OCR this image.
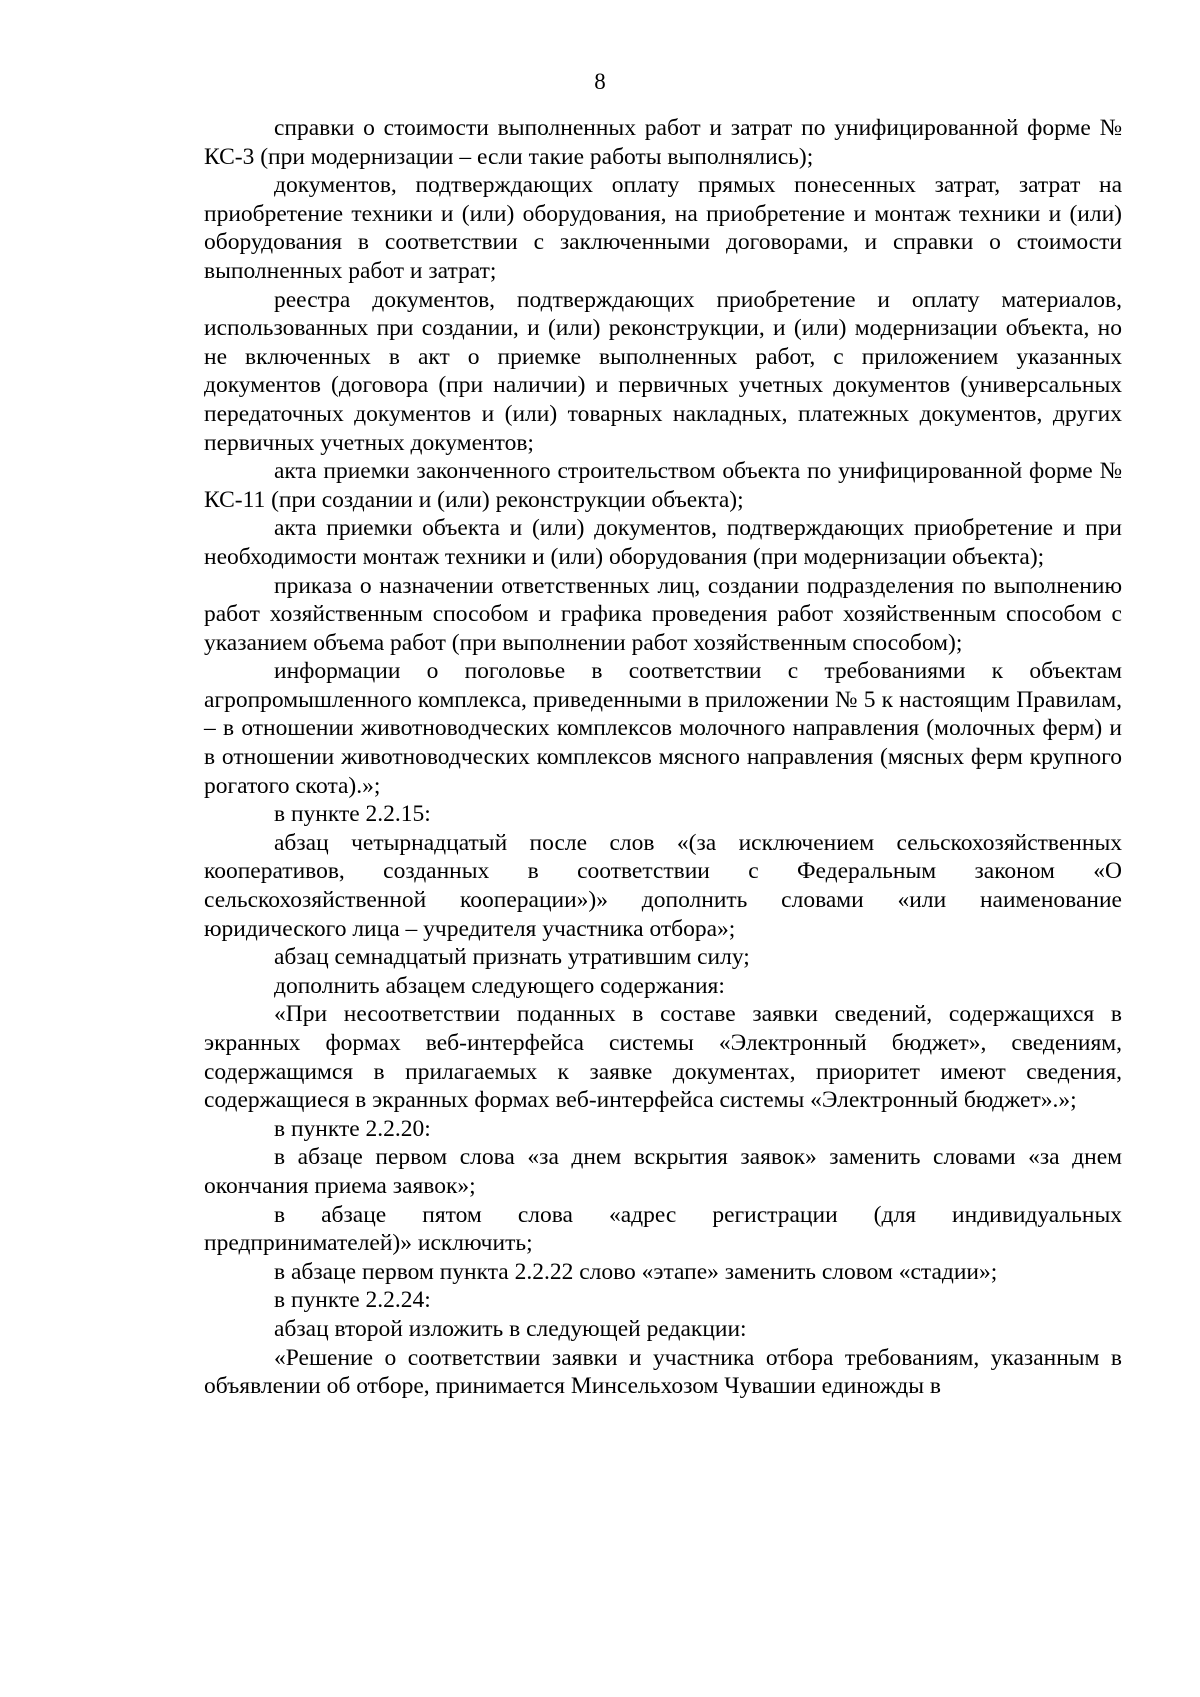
8

справки о стоимости выполненных работ и затрат по унифицированной форме № КС-3 (при модернизации – если такие работы выполнялись);

документов, подтверждающих оплату прямых понесенных затрат, затрат на приобретение техники и (или) оборудования, на приобретение и монтаж техники и (или) оборудования в соответствии с заключенными договорами, и справки о стоимости выполненных работ и затрат;

реестра документов, подтверждающих приобретение и оплату материалов, использованных при создании, и (или) реконструкции, и (или) модернизации объекта, но не включенных в акт о приемке выполненных работ, с приложением указанных документов (договора (при наличии) и первичных учетных документов (универсальных передаточных документов и (или) товарных накладных, платежных документов, других первичных учетных документов;

акта приемки законченного строительством объекта по унифицированной форме № КС-11 (при создании и (или) реконструкции объекта);

акта приемки объекта и (или) документов, подтверждающих приобретение и при необходимости монтаж техники и (или) оборудования (при модернизации объекта);

приказа о назначении ответственных лиц, создании подразделения по выполнению работ хозяйственным способом и графика проведения работ хозяйственным способом с указанием объема работ (при выполнении работ хозяйственным способом);

информации о поголовье в соответствии с требованиями к объектам агропромышленного комплекса, приведенными в приложении № 5 к настоящим Правилам, – в отношении животноводческих комплексов молочного направления (молочных ферм) и в отношении животноводческих комплексов мясного направления (мясных ферм крупного рогатого скота).»;

в пункте 2.2.15:

абзац четырнадцатый после слов «(за исключением сельскохозяйственных кооперативов, созданных в соответствии с Федеральным законом «О сельскохозяйственной кооперации»)» дополнить словами «или наименование юридического лица – учредителя участника отбора»;

абзац семнадцатый признать утратившим силу;

дополнить абзацем следующего содержания:

«При несоответствии поданных в составе заявки сведений, содержащихся в экранных формах веб-интерфейса системы «Электронный бюджет», сведениям, содержащимся в прилагаемых к заявке документах, приоритет имеют сведения, содержащиеся в экранных формах веб-интерфейса системы «Электронный бюджет».»;

в пункте 2.2.20:

в абзаце первом слова «за днем вскрытия заявок» заменить словами «за днем окончания приема заявок»;

в абзаце пятом слова «адрес регистрации (для индивидуальных предпринимателей)» исключить;

в абзаце первом пункта 2.2.22 слово «этапе» заменить словом «стадии»;

в пункте 2.2.24:

абзац второй изложить в следующей редакции:

«Решение о соответствии заявки и участника отбора требованиям, указанным в объявлении об отборе, принимается Минсельхозом Чувашии единожды в
